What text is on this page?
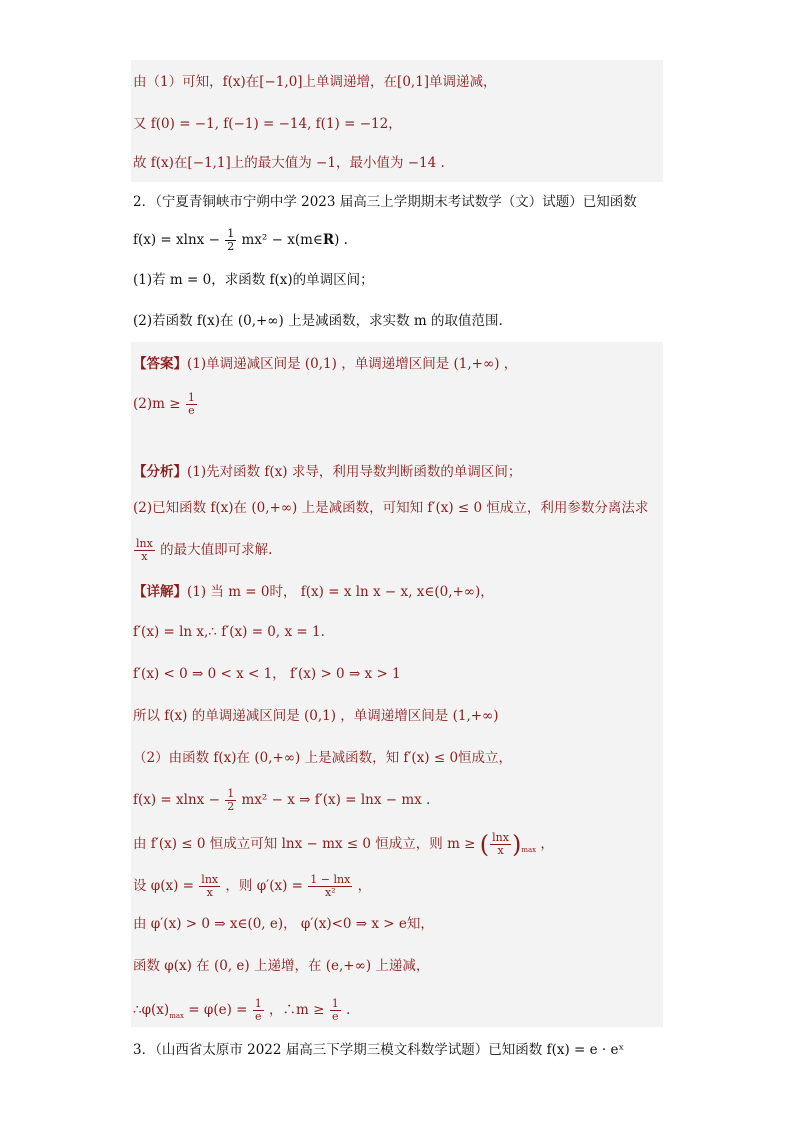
由（1）可知，f(x)在[−1,0]上单调递增，在[0,1]单调递减，
又 f(0) = −1, f(−1) = −14, f(1) = −12，
故 f(x)在[−1,1]上的最大值为 −1，最小值为 −14 .
2．（宁夏青铜峡市宁朔中学 2023 届高三上学期期末考试数学（文）试题）已知函数
$f(x) = xlnx - \frac{1}{2} mx^2$ − x(m∈R) .
(1)若 m = 0，求函数 f(x)的单调区间；
(2)若函数 f(x)在 (0,+∞) 上是减函数，求实数 m 的取值范围.
【答案】(1)单调递减区间是 (0,1) ，单调递增区间是 (1,+∞) ，
$(2)m \ge \frac{1}{e}$
【分析】(1)先对函数 f(x) 求导，利用导数判断函数的单调区间；
(2)已知函数 f(x)在 (0,+∞) 上是减函数，可知知 f′(x) ≤ 0 恒成立，利用参数分离法求
$\frac{\ln x}{x}$ 的最大值即可求解.
【详解】(1) 当 m = 0时， f(x) = x ln x − x, x∈(0,+∞)，
f′(x) = ln x,∴ f′(x) = 0, x = 1.
f′(x) < 0 ⇒ 0 < x < 1， f′(x) > 0 ⇒ x > 1
所以 f(x) 的单调递减区间是 (0,1) ，单调递增区间是 (1,+∞)
（2）由函数 f(x)在 (0,+∞) 上是减函数，知 f′(x) ≤ 0恒成立，
$f(x) = xlnx - \frac{1}{2} mx^2 - x$ ⇒ f′(x) = lnx − mx .
由 f′(x) ≤ 0 恒成立可知 lnx − mx ≤ 0 恒成立，则 m ≥ ( $\frac{\ln x}{x} )_{max}$ ，
设 $\varphi(x) = \frac{\ln x}{x}$ ，则 $\varphi'(x) = \frac{1 - \ln x}{\text{x²}}$ ，
由 φ′(x) > 0 ⇒ x∈(0, e)， φ′(x)<0 ⇒ x > e知，
函数 φ(x) 在 (0, e) 上递增，在 (e,+∞) 上递减，
$\therefore\varphi(x)_{max} = \varphi(e) = \frac{1}{e}$ ，∴m ≥ $\frac{1}{e}$ .
3．（山西省太原市 2022 届高三下学期三模文科数学试题）已知函数 f(x) = e · eˣ
